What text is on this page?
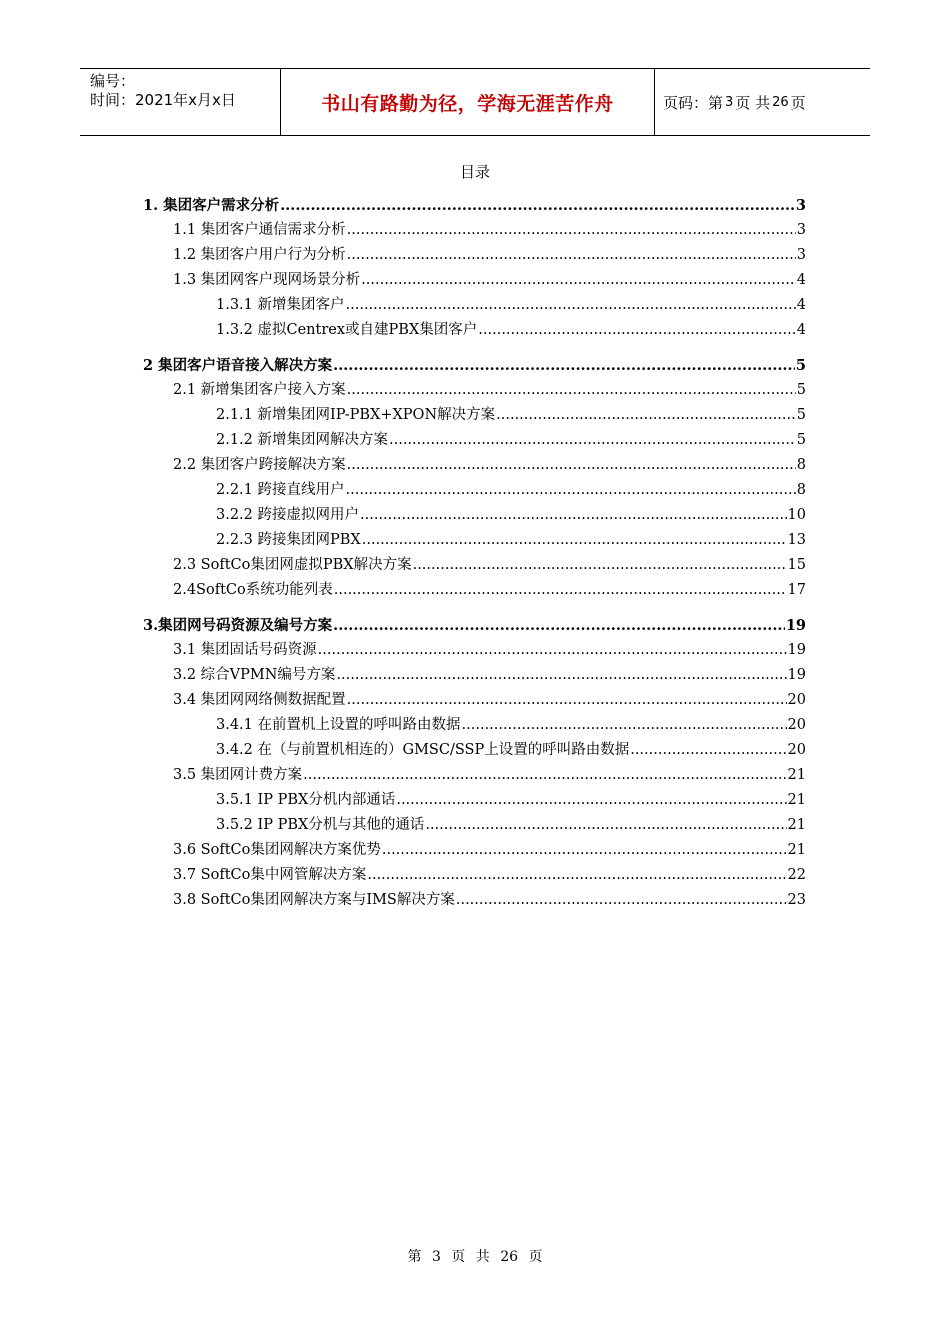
编号：
时间：2021年x月x日	书山有路勤为径，学海无涯苦作舟	页码：第 3 页 共 26 页
目录
1. 集团客户需求分析 .....	3
1.1 集团客户通信需求分析 .....	3
1.2 集团客户用户行为分析 .....	3
1.3 集团网客户现网场景分析 .....	4
1.3.1 新增集团客户 .....	4
1.3.2 虚拟Centrex或自建PBX集团客户 .....	4
2 集团客户语音接入解决方案 .....	5
2.1 新增集团客户接入方案 .....	5
2.1.1 新增集团网IP-PBX+XPON解决方案 .....	5
2.1.2 新增集团网解决方案 .....	5
2.2 集团客户跨接解决方案 .....	8
2.2.1 跨接直线用户 .....	8
3.2.2 跨接虚拟网用户 .....	10
2.2.3 跨接集团网PBX .....	13
2.3 SoftCo集团网虚拟PBX解决方案 .....	15
2.4SoftCo系统功能列表 .....	17
3.集团网号码资源及编号方案 .....	19
3.1 集团固话号码资源 .....	19
3.2 综合VPMN编号方案 .....	19
3.4 集团网网络侧数据配置 .....	20
3.4.1 在前置机上设置的呼叫路由数据 .....	20
3.4.2 在（与前置机相连的）GMSC/SSP上设置的呼叫路由数据 .....	20
3.5 集团网计费方案 .....	21
3.5.1 IP PBX分机内部通话 .....	21
3.5.2 IP PBX分机与其他的通话 .....	21
3.6 SoftCo集团网解决方案优势 .....	21
3.7 SoftCo集中网管解决方案 .....	22
3.8 SoftCo集团网解决方案与IMS解决方案 .....	23
第 3 页 共 26 页
